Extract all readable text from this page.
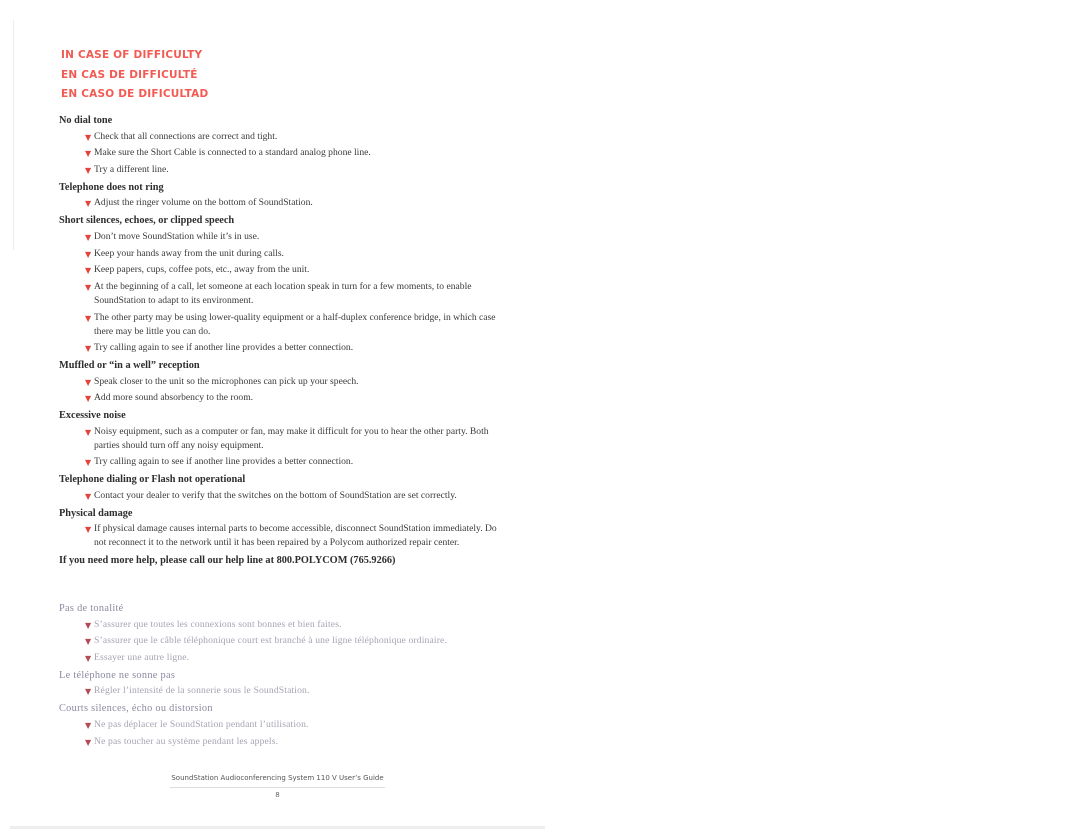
IN CASE OF DIFFICULTY
EN CAS DE DIFFICULTÉ
EN CASO DE DIFICULTAD
No dial tone
▼ Check that all connections are correct and tight.
▼ Make sure the Short Cable is connected to a standard analog phone line.
▼ Try a different line.
Telephone does not ring
▼ Adjust the ringer volume on the bottom of SoundStation.
Short silences, echoes, or clipped speech
▼ Don’t move SoundStation while it’s in use.
▼ Keep your hands away from the unit during calls.
▼ Keep papers, cups, coffee pots, etc., away from the unit.
▼ At the beginning of a call, let someone at each location speak in turn for a few moments, to enable SoundStation to adapt to its environment.
▼ The other party may be using lower-quality equipment or a half-duplex conference bridge, in which case there may be little you can do.
▼ Try calling again to see if another line provides a better connection.
Muffled or “in a well” reception
▼ Speak closer to the unit so the microphones can pick up your speech.
▼ Add more sound absorbency to the room.
Excessive noise
▼ Noisy equipment, such as a computer or fan, may make it difficult for you to hear the other party. Both parties should turn off any noisy equipment.
▼ Try calling again to see if another line provides a better connection.
Telephone dialing or Flash not operational
▼ Contact your dealer to verify that the switches on the bottom of SoundStation are set correctly.
Physical damage
▼ If physical damage causes internal parts to become accessible, disconnect SoundStation immediately. Do not reconnect it to the network until it has been repaired by a Polycom authorized repair center.
If you need more help, please call our help line at 800.POLYCOM (765.9266)
Pas de tonalité
▼ S’assurer que toutes les connexions sont bonnes et bien faites.
▼ S’assurer que le câble téléphonique court est branché à une ligne téléphonique ordinaire.
▼ Essayer une autre ligne.
Le téléphone ne sonne pas
▼ Régler l’intensité de la sonnerie sous le SoundStation.
Courts silences, écho ou distorsion
▼ Ne pas déplacer le SoundStation pendant l’utilisation.
▼ Ne pas toucher au système pendant les appels.
SoundStation Audioconferencing System 110 V User’s Guide
8
